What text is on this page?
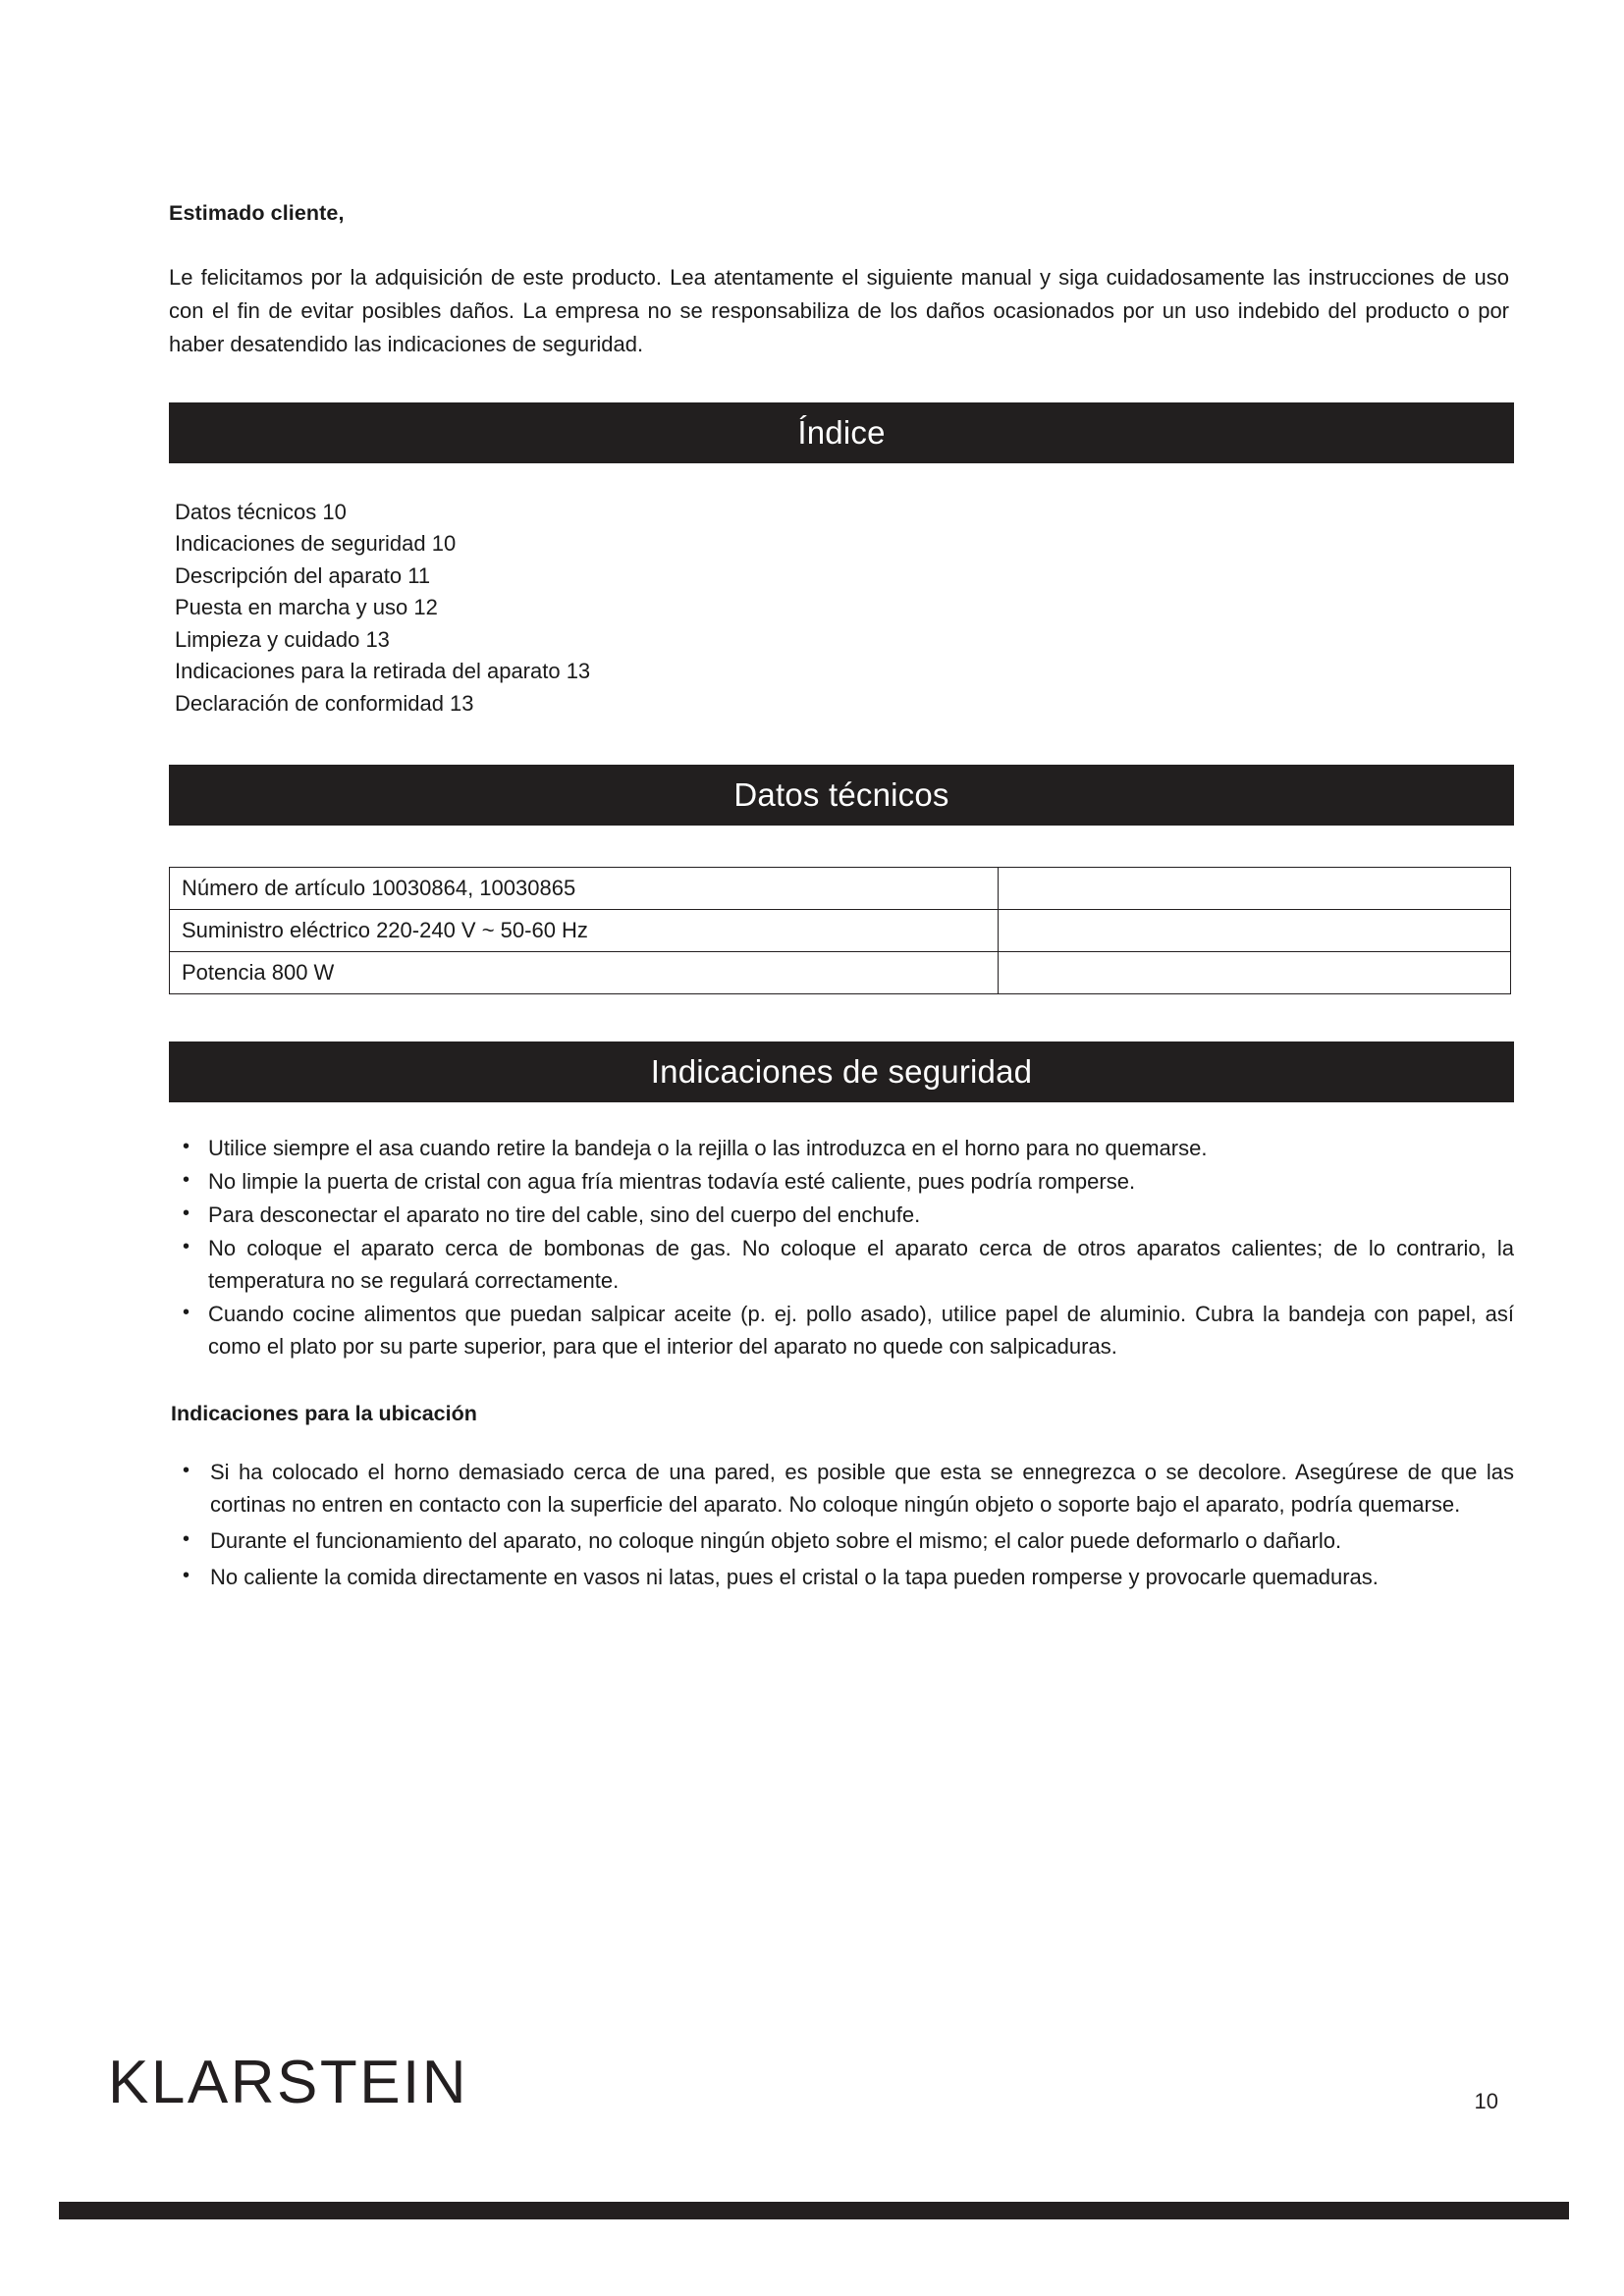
Estimado cliente,

Le felicitamos por la adquisición de este producto. Lea atentamente el siguiente manual y siga cuidadosamente las instrucciones de uso con el fin de evitar posibles daños. La empresa no se responsabiliza de los daños ocasionados por un uso indebido del producto o por haber desatendido las indicaciones de seguridad.

Índice
Datos técnicos 10
Indicaciones de seguridad 10
Descripción del aparato 11
Puesta en marcha y uso 12
Limpieza y cuidado 13
Indicaciones para la retirada del aparato 13
Declaración de conformidad 13
Datos técnicos
Número de artículo 10030864, 10030865	
Suministro eléctrico 220-240 V ~ 50-60 Hz	
Potencia 800 W	
Indicaciones de seguridad
• Utilice siempre el asa cuando retire la bandeja o la rejilla o las introduzca en el horno para no quemarse.
• No limpie la puerta de cristal con agua fría mientras todavía esté caliente, pues podría romperse.
• Para desconectar el aparato no tire del cable, sino del cuerpo del enchufe.
• No coloque el aparato cerca de bombonas de gas. No coloque el aparato cerca de otros aparatos calientes; de lo contrario, la temperatura no se regulará correctamente.
• Cuando cocine alimentos que puedan salpicar aceite (p. ej. pollo asado), utilice papel de aluminio. Cubra la bandeja con papel, así como el plato por su parte superior, para que el interior del aparato no quede con salpicaduras.

Indicaciones para la ubicación

• Si ha colocado el horno demasiado cerca de una pared, es posible que esta se ennegrezca o se decolore. Asegúrese de que las cortinas no entren en contacto con la superficie del aparato. No coloque ningún objeto o soporte bajo el aparato, podría quemarse.
• Durante el funcionamiento del aparato, no coloque ningún objeto sobre el mismo; el calor puede deformarlo o dañarlo.
• No caliente la comida directamente en vasos ni latas, pues el cristal o la tapa pueden romperse y provocarle quemaduras.
KLARSTEIN	10
